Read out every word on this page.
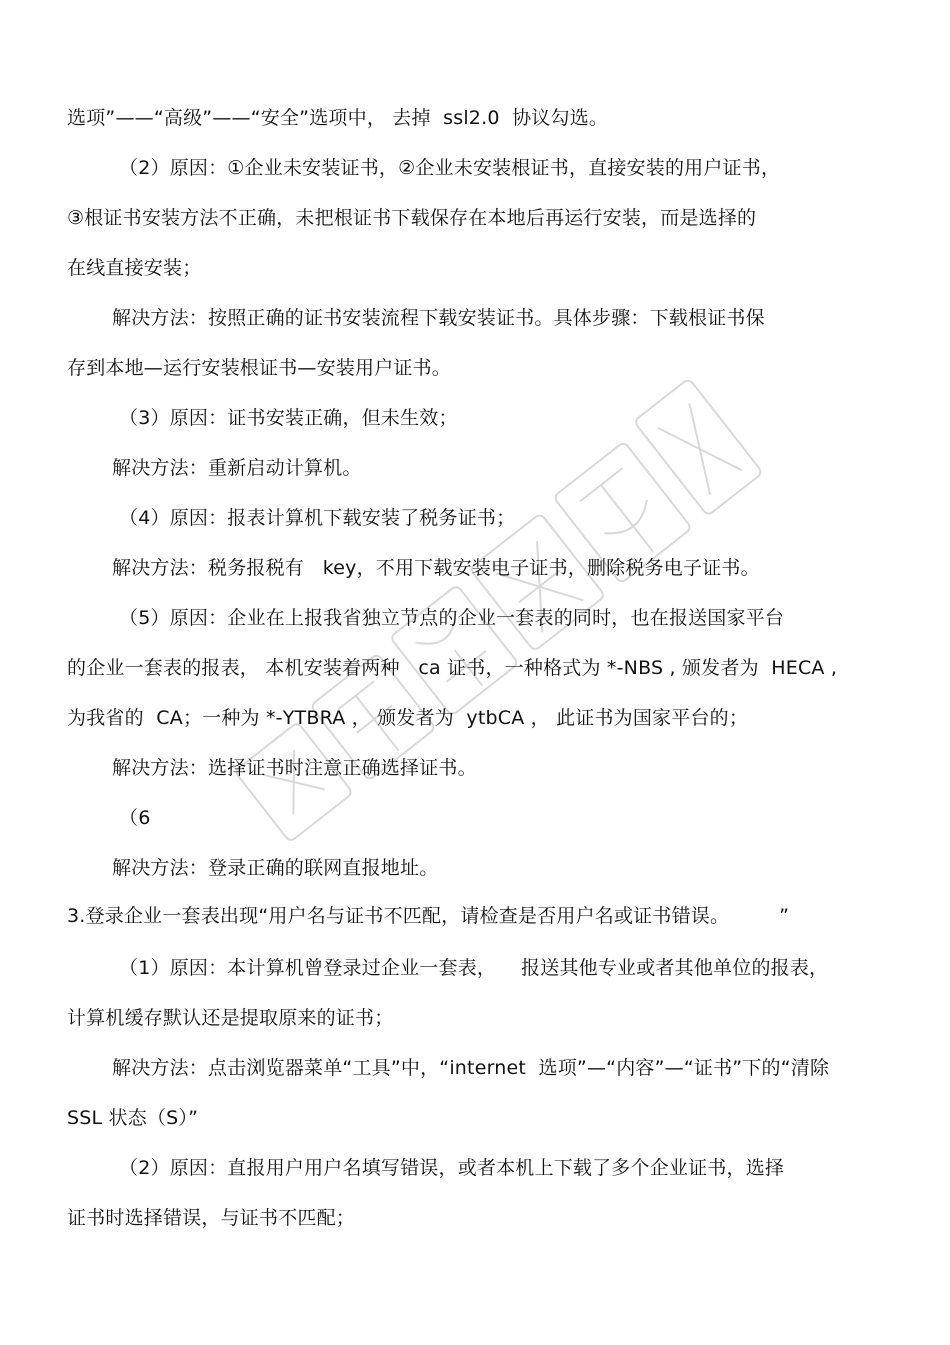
选项”——“高级”——“安全”选项中， 去掉  ssl2.0  协议勾选。
（2）原因：①企业未安装证书，②企业未安装根证书，直接安装的用户证书，
③根证书安装方法不正确，未把根证书下载保存在本地后再运行安装，而是选择的
在线直接安装；
解决方法：按照正确的证书安装流程下载安装证书。具体步骤：下载根证书保
存到本地—运行安装根证书—安装用户证书。
（3）原因：证书安装正确，但未生效；
解决方法：重新启动计算机。
（4）原因：报表计算机下载安装了税务证书；
解决方法：税务报税有   key，不用下载安装电子证书，删除税务电子证书。
（5）原因：企业在上报我省独立节点的企业一套表的同时，也在报送国家平台
的企业一套表的报表， 本机安装着两种   ca 证书，一种格式为 *-NBS , 颁发者为  HECA ,
为我省的  CA；一种为 *-YTBRA ， 颁发者为  ytbCA ， 此证书为国家平台的；
解决方法：选择证书时注意正确选择证书。
（6
解决方法：登录正确的联网直报地址。
3.登录企业一套表出现“用户名与证书不匹配，请检查是否用户名或证书错误。        ”
（1）原因：本计算机曾登录过企业一套表，    报送其他专业或者其他单位的报表，
计算机缓存默认还是提取原来的证书；
解决方法：点击浏览器菜单“工具”中，“internet  选项”—“内容”—“证书”下的“清除
SSL 状态（S）”
（2）原因：直报用户用户名填写错误，或者本机上下载了多个企业证书，选择
证书时选择错误，与证书不匹配；
